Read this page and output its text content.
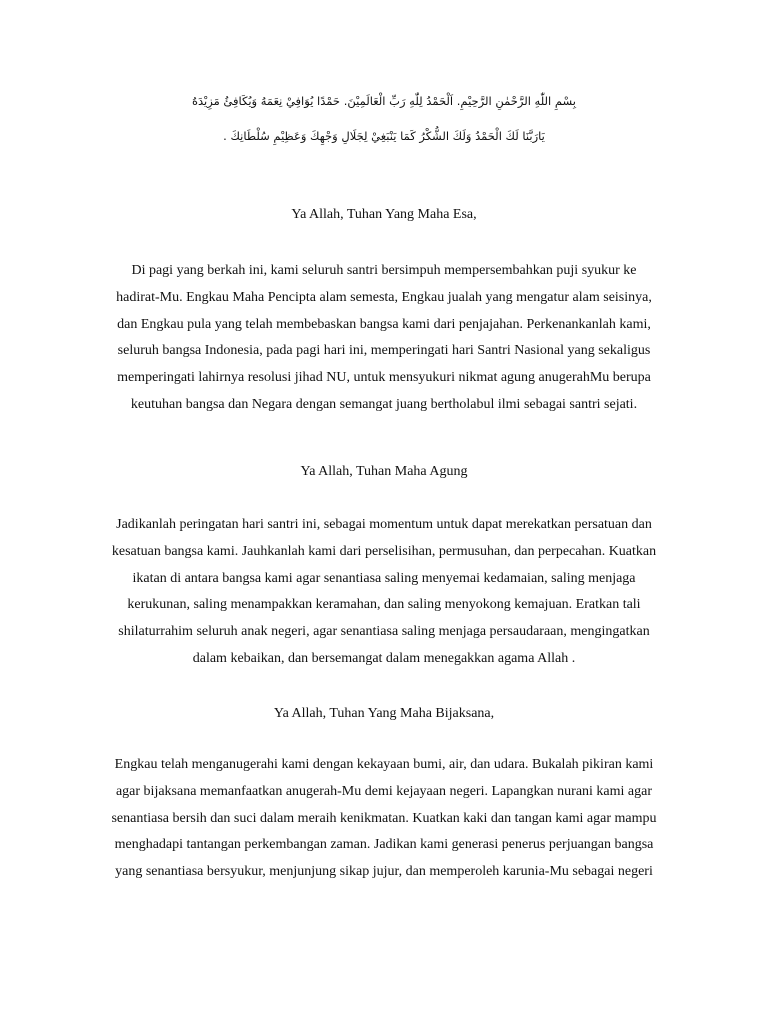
بِسْمِ اللّٰهِ الرَّحْمٰنِ الرَّحِيْمِ. اَلْحَمْدُ لِلّٰهِ رَبِّ الْعَالَمِيْنَ. حَمْدًا يُوَافِيْ نِعَمَهُ وَيُكَافِئُ مَزِيْدَهُ
يَارَبَّنَا لَكَ الْحَمْدُ وَلَكَ الشُّكْرُ كَمَا يَنْبَغِيْ لِجَلَالِ وَجْهِكَ وَعَظِيْمِ سُلْطَانِكَ .
Ya Allah, Tuhan Yang Maha Esa,
Di pagi yang berkah ini, kami seluruh santri bersimpuh mempersembahkan puji syukur ke
hadirat-Mu. Engkau Maha Pencipta alam semesta, Engkau jualah yang mengatur alam seisinya,
dan Engkau pula yang telah membebaskan bangsa kami dari penjajahan. Perkenankanlah kami,
seluruh bangsa Indonesia, pada pagi hari ini, memperingati hari Santri Nasional yang sekaligus
memperingati lahirnya resolusi jihad NU, untuk mensyukuri nikmat agung anugerahMu berupa
keutuhan bangsa dan Negara dengan semangat juang bertholabul ilmi sebagai santri sejati.
Ya Allah, Tuhan Maha Agung
Jadikanlah peringatan hari santri ini, sebagai momentum untuk dapat merekatkan persatuan dan
kesatuan bangsa kami. Jauhkanlah kami dari perselisihan, permusuhan, dan perpecahan. Kuatkan
ikatan di antara bangsa kami agar senantiasa saling menyemai kedamaian, saling menjaga
kerukunan, saling menampakkan keramahan, dan saling menyokong kemajuan. Eratkan tali
shilaturrahim seluruh anak negeri, agar senantiasa saling menjaga persaudaraan, mengingatkan
dalam kebaikan, dan bersemangat dalam menegakkan agama Allah .
Ya Allah, Tuhan Yang Maha Bijaksana,
Engkau telah menganugerahi kami dengan kekayaan bumi, air, dan udara. Bukalah pikiran kami
agar bijaksana memanfaatkan anugerah-Mu demi kejayaan negeri. Lapangkan nurani kami agar
senantiasa bersih dan suci dalam meraih kenikmatan. Kuatkan kaki dan tangan kami agar mampu
menghadapi tantangan perkembangan zaman. Jadikan kami generasi penerus perjuangan bangsa
yang senantiasa bersyukur, menjunjung sikap jujur, dan memperoleh karunia-Mu sebagai negeri
